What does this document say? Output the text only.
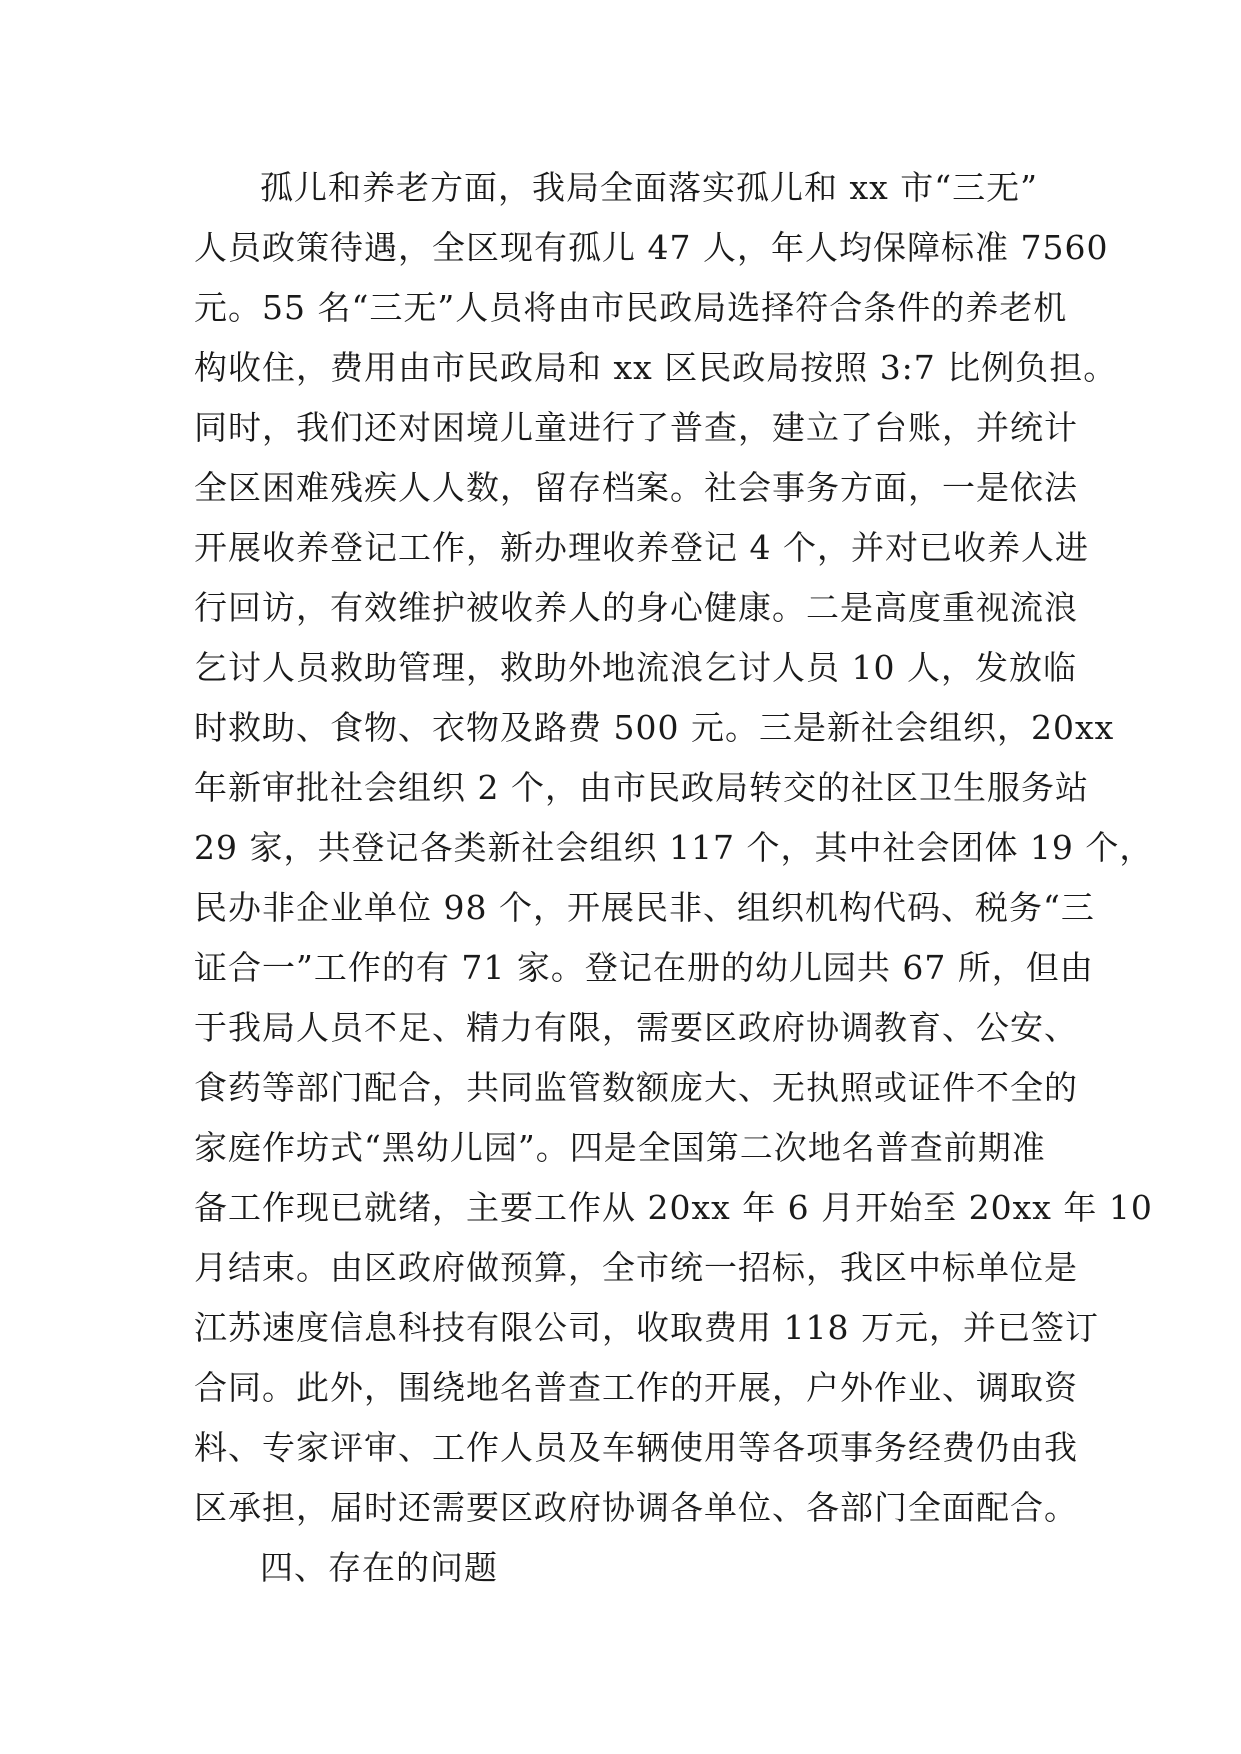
孤儿和养老方面，我局全面落实孤儿和 xx 市“三无”
人员政策待遇，全区现有孤儿 47 人，年人均保障标准 7560
元。55 名“三无”人员将由市民政局选择符合条件的养老机
构收住，费用由市民政局和 xx 区民政局按照 3:7 比例负担。
同时，我们还对困境儿童进行了普查，建立了台账，并统计
全区困难残疾人人数，留存档案。社会事务方面，一是依法
开展收养登记工作，新办理收养登记 4 个，并对已收养人进
行回访，有效维护被收养人的身心健康。二是高度重视流浪
乞讨人员救助管理，救助外地流浪乞讨人员 10 人，发放临
时救助、食物、衣物及路费 500 元。三是新社会组织，20xx
年新审批社会组织 2 个，由市民政局转交的社区卫生服务站
29 家，共登记各类新社会组织 117 个，其中社会团体 19 个，
民办非企业单位 98 个，开展民非、组织机构代码、税务“三
证合一”工作的有 71 家。登记在册的幼儿园共 67 所，但由
于我局人员不足、精力有限，需要区政府协调教育、公安、
食药等部门配合，共同监管数额庞大、无执照或证件不全的
家庭作坊式“黑幼儿园”。四是全国第二次地名普查前期准
备工作现已就绪，主要工作从 20xx 年 6 月开始至 20xx 年 10
月结束。由区政府做预算，全市统一招标，我区中标单位是
江苏速度信息科技有限公司，收取费用 118 万元，并已签订
合同。此外，围绕地名普查工作的开展，户外作业、调取资
料、专家评审、工作人员及车辆使用等各项事务经费仍由我
区承担，届时还需要区政府协调各单位、各部门全面配合。
四、存在的问题
